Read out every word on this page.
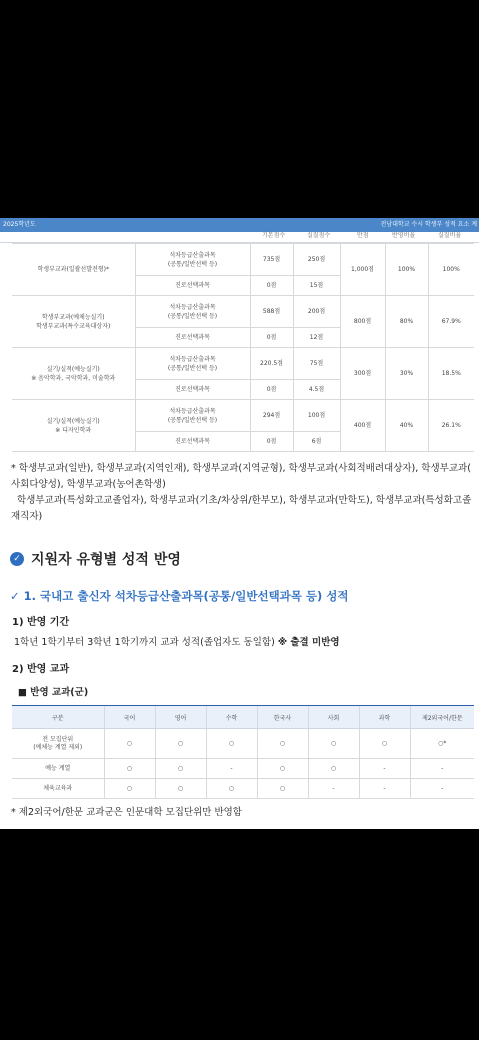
2025학년도	전남대학교 수시 학생부 성적 요소 계
기본점수	실질점수	만점	반영비율	실질비율
학생부교과(일괄선발전형)*	석차등급산출과목
(공통/일반선택 등)	735점	250점	1,000점	100%	100%
	진로선택과목	0점	15점			
학생부교과(예체능실기)
학생부교과(특수교육대상자)	석차등급산출과목
(공통/일반선택 등)	588점	200점	800점	80%	67.9%
	진로선택과목	0점	12점			
실기/실적(예능실기)
※ 음악학과, 국악학과, 미술학과	석차등급산출과목
(공통/일반선택 등)	220.5점	75점	300점	30%	18.5%
	진로선택과목	0점	4.5점			
실기/실적(예능실기)
※ 디자인학과	석차등급산출과목
(공통/일반선택 등)	294점	100점	400점	40%	26.1%
	진로선택과목	0점	6점			
* 학생부교과(일반), 학생부교과(지역인재), 학생부교과(지역균형), 학생부교과(사회적배려대상자), 학생부교과(
사회다양성), 학생부교과(농어촌학생)
학생부교과(특성화고교졸업자), 학생부교과(기초/차상위/한부모), 학생부교과(만학도), 학생부교과(특성화고졸
재직자)
✓ 지원자 유형별 성적 반영
✓ 1. 국내고 출신자 석차등급산출과목(공통/일반선택과목 등) 성적
1) 반영 기간
1학년 1학기부터 3학년 1학기까지 교과 성적(졸업자도 동일함) ※ 출결 미반영
2) 반영 교과
■ 반영 교과(군)
구분	국어	영어	수학	한국사	사회	과학	제2외국어/한문
전 모집단위
(예체능 계열 제외)	○	○	○	○	○	○	○*
예능 계열	○	○	-	○	○	-	-
체육교육과	○	○	○	○	-	-	-
* 제2외국어/한문 교과군은 인문대학 모집단위만 반영함
